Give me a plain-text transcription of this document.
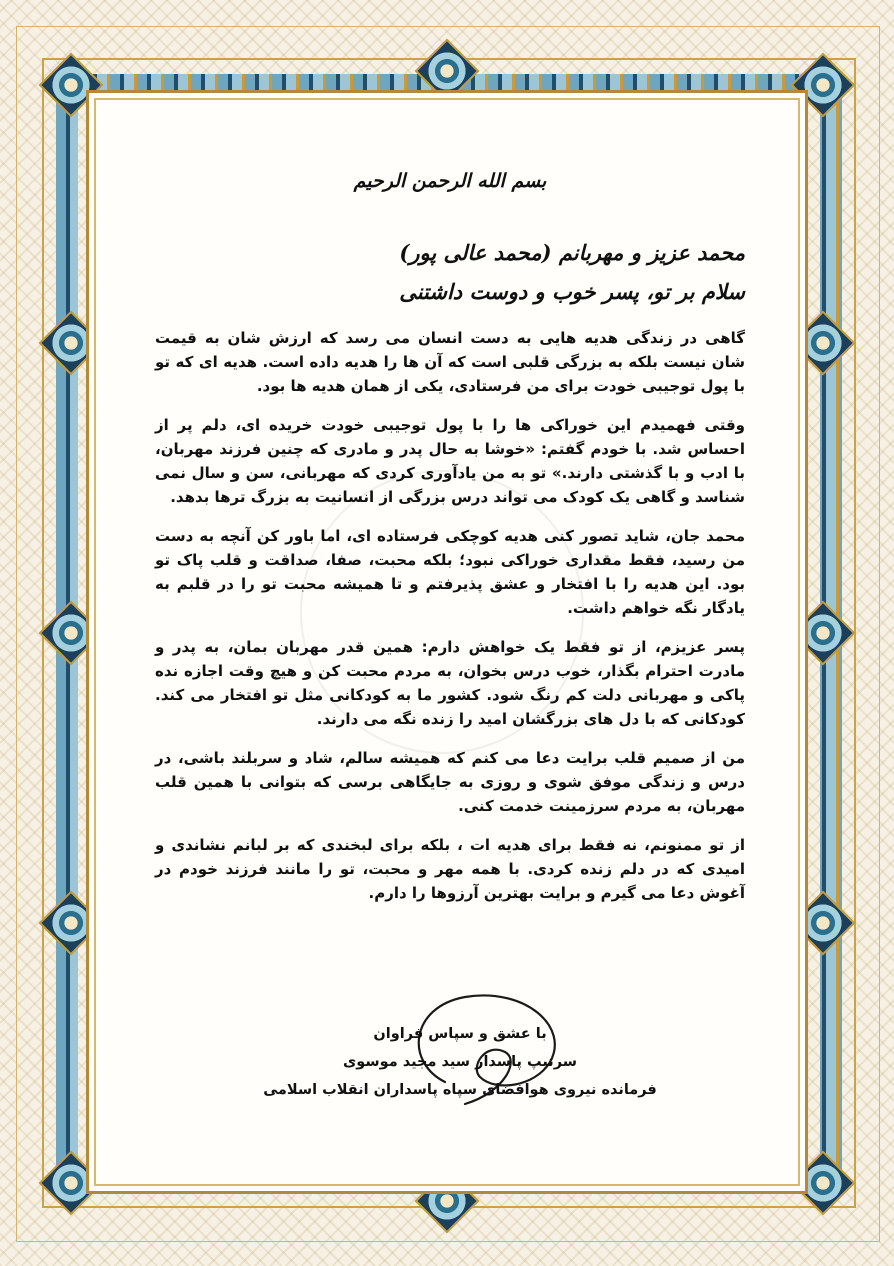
بسم الله الرحمن الرحیم
محمد عزیز و مهربانم (محمد عالی پور)
سلام بر تو، پسر خوب و دوست داشتنی

گاهی در زندگی هدیه هایی به دست انسان می رسد که ارزش شان به قیمت شان نیست بلکه به بزرگی قلبی است که آن ها را هدیه داده است. هدیه ای که تو با پول توجیبی خودت برای من فرستادی، یکی از همان هدیه ها بود.

وقتی فهمیدم این خوراکی ها را با پول توجیبی خودت خریده ای، دلم پر از احساس شد. با خودم گفتم: «خوشا به حال پدر و مادری که چنین فرزند مهربان، با ادب و با گذشتی دارند.» تو به من یادآوری کردی که مهربانی، سن و سال نمی شناسد و گاهی یک کودک می تواند درس بزرگی از انسانیت به بزرگ ترها بدهد.

محمد جان، شاید تصور کنی هدیه کوچکی فرستاده ای، اما باور کن آنچه به دست من رسید، فقط مقداری خوراکی نبود؛ بلکه محبت، صفا، صداقت و قلب پاک تو بود. این هدیه را با افتخار و عشق پذیرفتم و تا همیشه محبت تو را در قلبم به یادگار نگه خواهم داشت.

پسر عزیزم، از تو فقط یک خواهش دارم: همین قدر مهربان بمان، به پدر و مادرت احترام بگذار، خوب درس بخوان، به مردم محبت کن و هیچ وقت اجازه نده پاکی و مهربانی دلت کم رنگ شود. کشور ما به کودکانی مثل تو افتخار می کند. کودکانی که با دل های بزرگشان امید را زنده نگه می دارند.

من از صمیم قلب برایت دعا می کنم که همیشه سالم، شاد و سربلند باشی، در درس و زندگی موفق شوی و روزی به جایگاهی برسی که بتوانی با همین قلب مهربان، به مردم سرزمینت خدمت کنی.

از تو ممنونم، نه فقط برای هدیه ات ، بلکه برای لبخندی که بر لبانم نشاندی و امیدی که در دلم زنده کردی. با همه مهر و محبت، تو را مانند فرزند خودم در آغوش دعا می گیرم و برایت بهترین آرزوها را دارم.

با عشق و سپاس فراوان
سرتیپ پاسدار سید مجید موسوی
فرمانده نیروی هوافضای سپاه پاسداران انقلاب اسلامی
